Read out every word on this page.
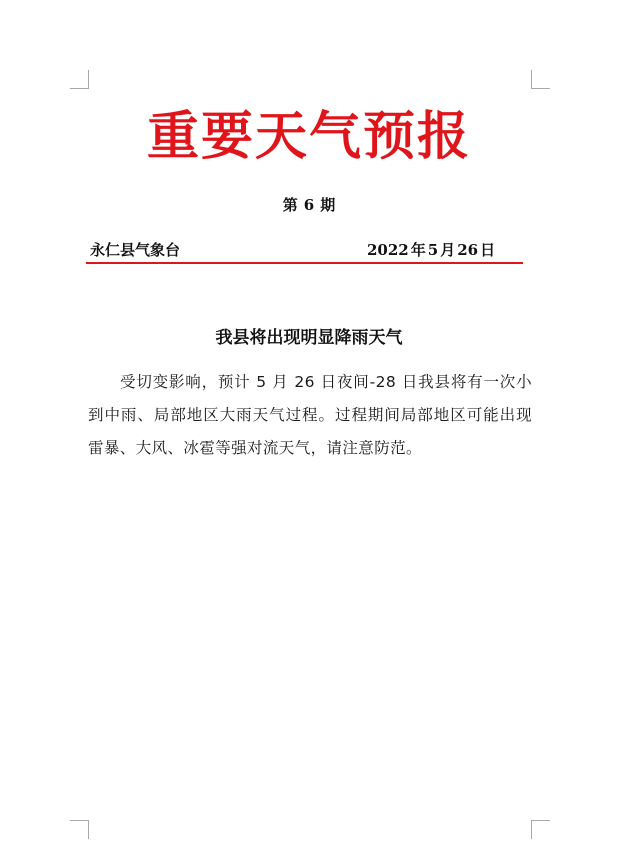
重要天气预报
第 6 期
永仁县气象台	2022 年 5 月 26 日
我县将出现明显降雨天气
受切变影响，预计 5 月 26 日夜间-28 日我县将有一次小到中雨、局部地区大雨天气过程。过程期间局部地区可能出现雷暴、大风、冰雹等强对流天气，请注意防范。
